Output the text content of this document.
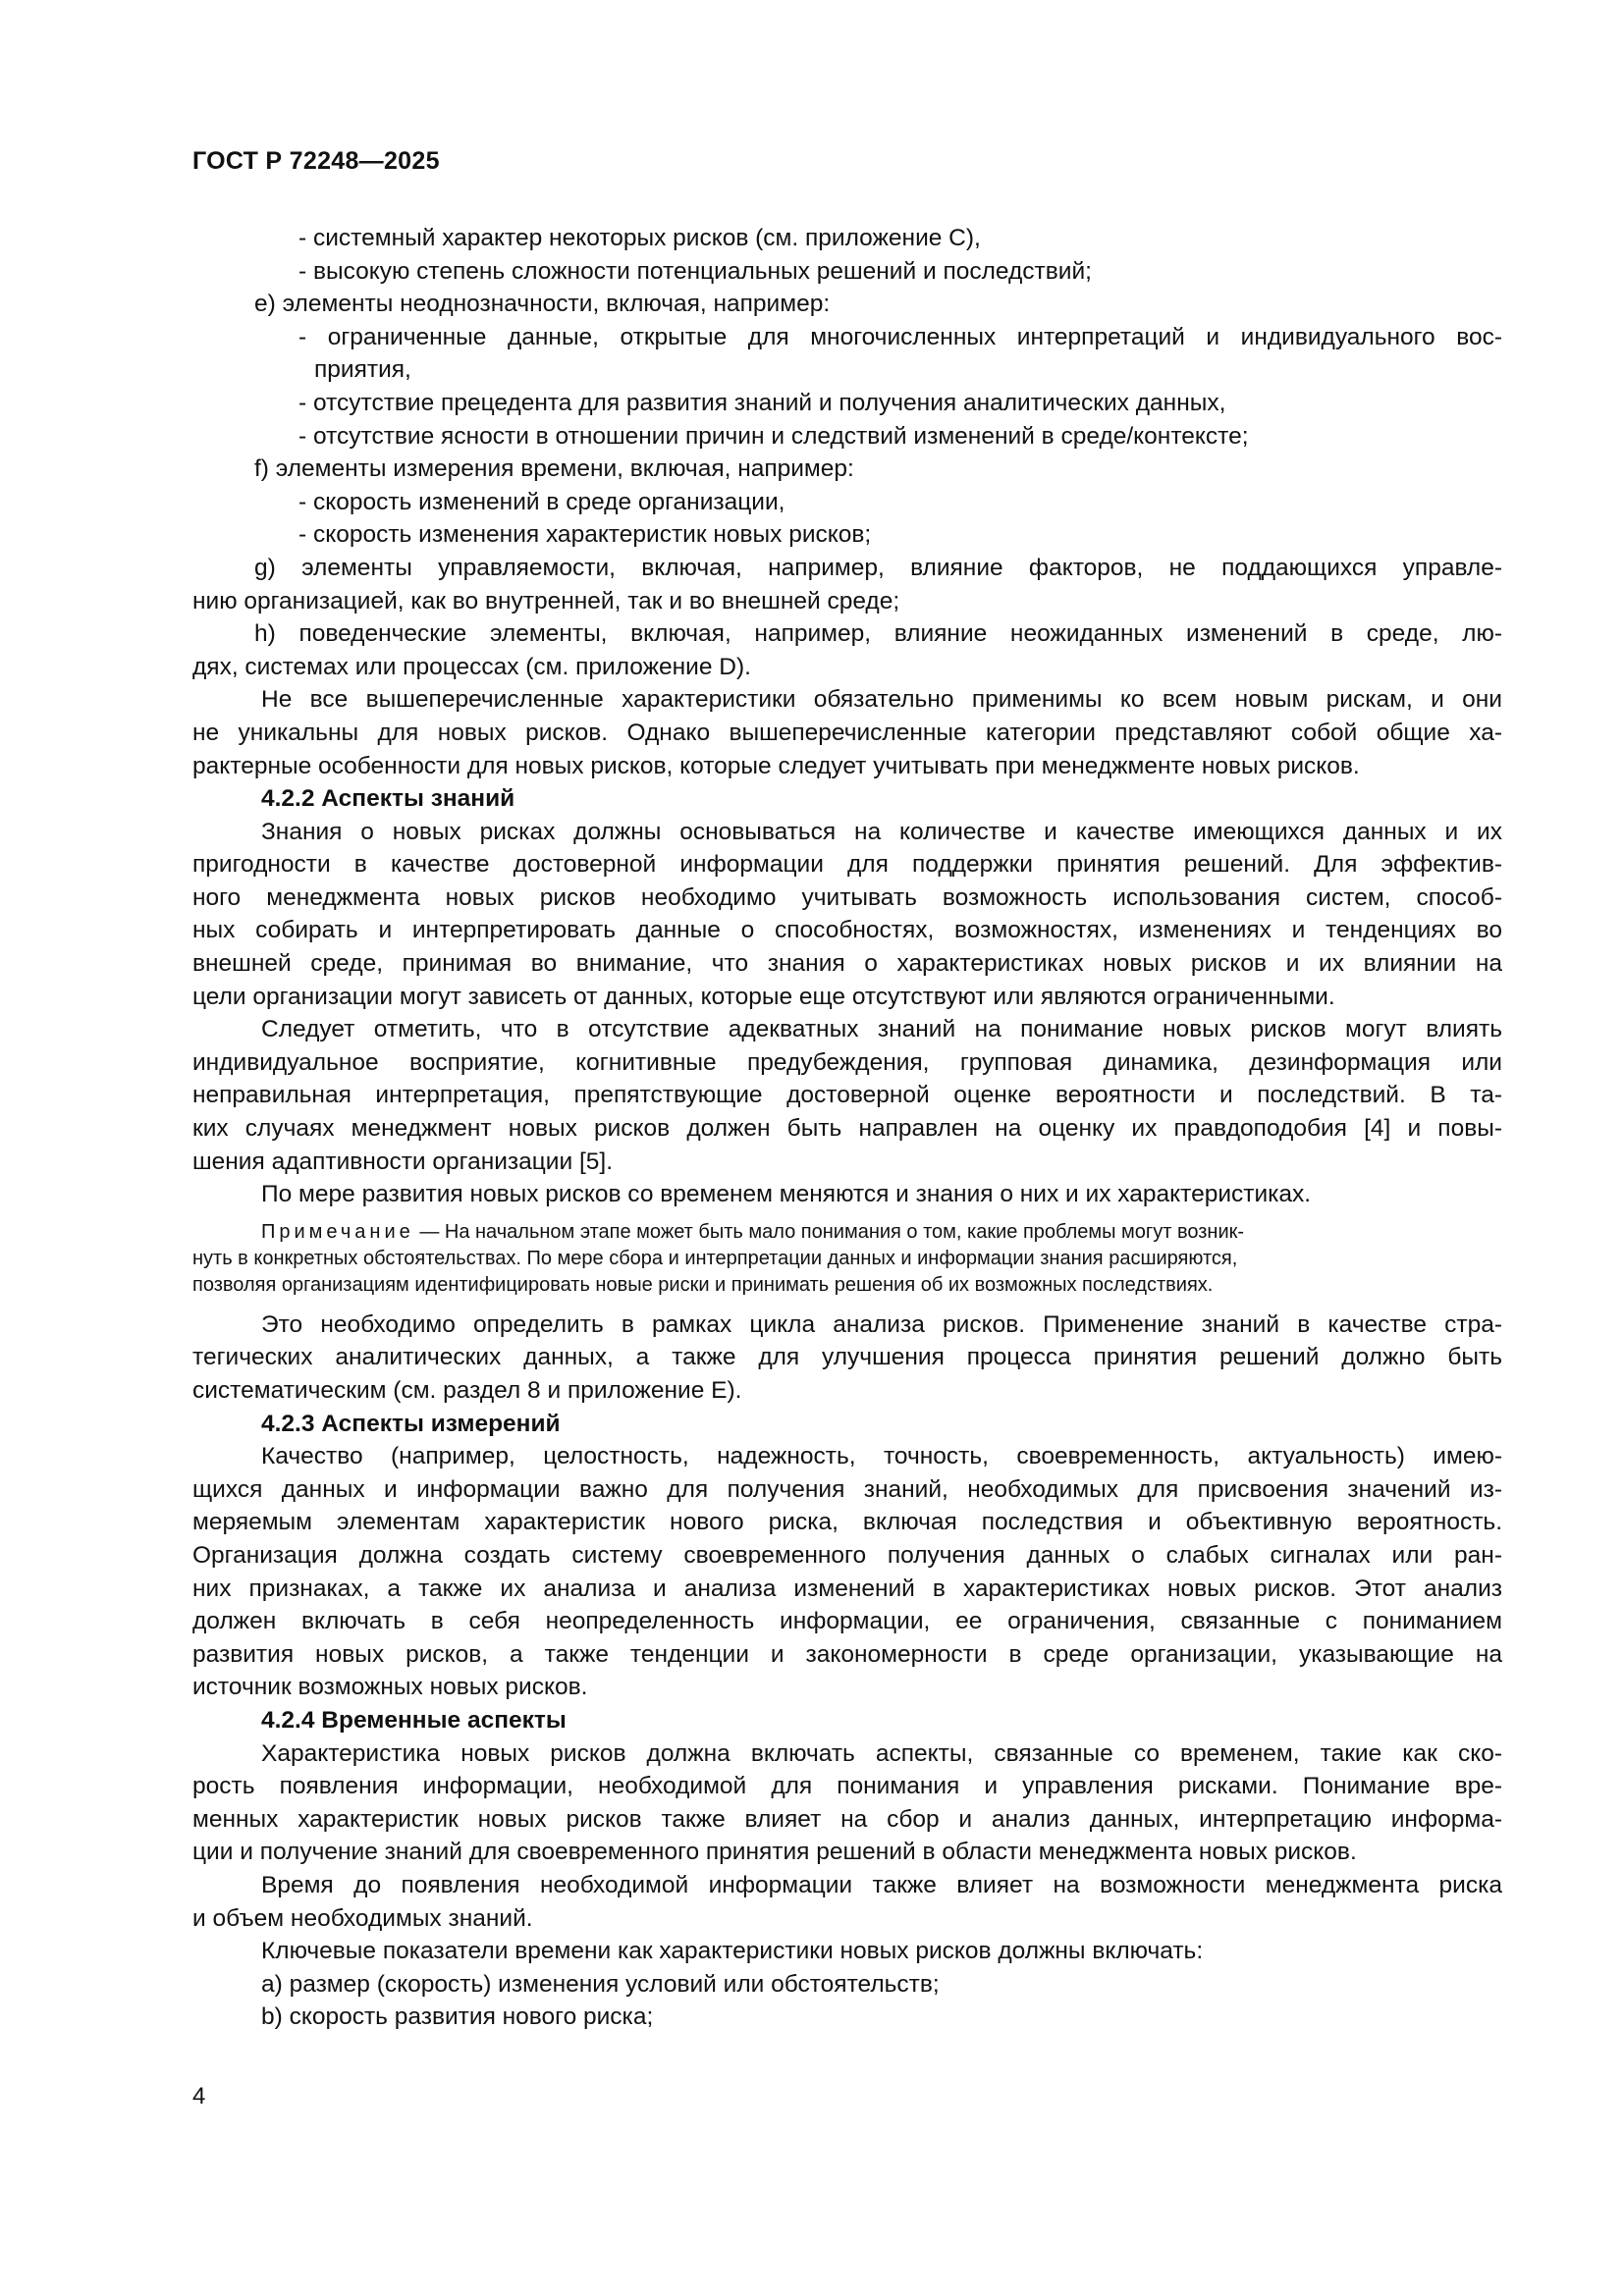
ГОСТ Р 72248—2025
- системный характер некоторых рисков (см. приложение С),
- высокую степень сложности потенциальных решений и последствий;
e) элементы неоднозначности, включая, например:
- ограниченные данные, открытые для многочисленных интерпретаций и индивидуального вос-
приятия,
- отсутствие прецедента для развития знаний и получения аналитических данных,
- отсутствие ясности в отношении причин и следствий изменений в среде/контексте;
f) элементы измерения времени, включая, например:
- скорость изменений в среде организации,
- скорость изменения характеристик новых рисков;
g) элементы управляемости, включая, например, влияние факторов, не поддающихся управле-
нию организацией, как во внутренней, так и во внешней среде;
h) поведенческие элементы, включая, например, влияние неожиданных изменений в среде, лю-
дях, системах или процессах (см. приложение D).
Не все вышеперечисленные характеристики обязательно применимы ко всем новым рискам, и они
не уникальны для новых рисков. Однако вышеперечисленные категории представляют собой общие ха-
рактерные особенности для новых рисков, которые следует учитывать при менеджменте новых рисков.
4.2.2 Аспекты знаний
Знания о новых рисках должны основываться на количестве и качестве имеющихся данных и их
пригодности в качестве достоверной информации для поддержки принятия решений. Для эффектив-
ного менеджмента новых рисков необходимо учитывать возможность использования систем, способ-
ных собирать и интерпретировать данные о способностях, возможностях, изменениях и тенденциях во
внешней среде, принимая во внимание, что знания о характеристиках новых рисков и их влиянии на
цели организации могут зависеть от данных, которые еще отсутствуют или являются ограниченными.
Следует отметить, что в отсутствие адекватных знаний на понимание новых рисков могут влиять
индивидуальное восприятие, когнитивные предубеждения, групповая динамика, дезинформация или
неправильная интерпретация, препятствующие достоверной оценке вероятности и последствий. В та-
ких случаях менеджмент новых рисков должен быть направлен на оценку их правдоподобия [4] и повы-
шения адаптивности организации [5].
По мере развития новых рисков со временем меняются и знания о них и их характеристиках.
Примечание — На начальном этапе может быть мало понимания о том, какие проблемы могут возник-
нуть в конкретных обстоятельствах. По мере сбора и интерпретации данных и информации знания расширяются,
позволяя организациям идентифицировать новые риски и принимать решения об их возможных последствиях.
Это необходимо определить в рамках цикла анализа рисков. Применение знаний в качестве стра-
тегических аналитических данных, а также для улучшения процесса принятия решений должно быть
систематическим (см. раздел 8 и приложение Е).
4.2.3 Аспекты измерений
Качество (например, целостность, надежность, точность, своевременность, актуальность) имею-
щихся данных и информации важно для получения знаний, необходимых для присвоения значений из-
меряемым элементам характеристик нового риска, включая последствия и объективную вероятность.
Организация должна создать систему своевременного получения данных о слабых сигналах или ран-
них признаках, а также их анализа и анализа изменений в характеристиках новых рисков. Этот анализ
должен включать в себя неопределенность информации, ее ограничения, связанные с пониманием
развития новых рисков, а также тенденции и закономерности в среде организации, указывающие на
источник возможных новых рисков.
4.2.4 Временные аспекты
Характеристика новых рисков должна включать аспекты, связанные со временем, такие как ско-
рость появления информации, необходимой для понимания и управления рисками. Понимание вре-
менных характеристик новых рисков также влияет на сбор и анализ данных, интерпретацию информа-
ции и получение знаний для своевременного принятия решений в области менеджмента новых рисков.
Время до появления необходимой информации также влияет на возможности менеджмента риска
и объем необходимых знаний.
Ключевые показатели времени как характеристики новых рисков должны включать:
a) размер (скорость) изменения условий или обстоятельств;
b) скорость развития нового риска;
4
